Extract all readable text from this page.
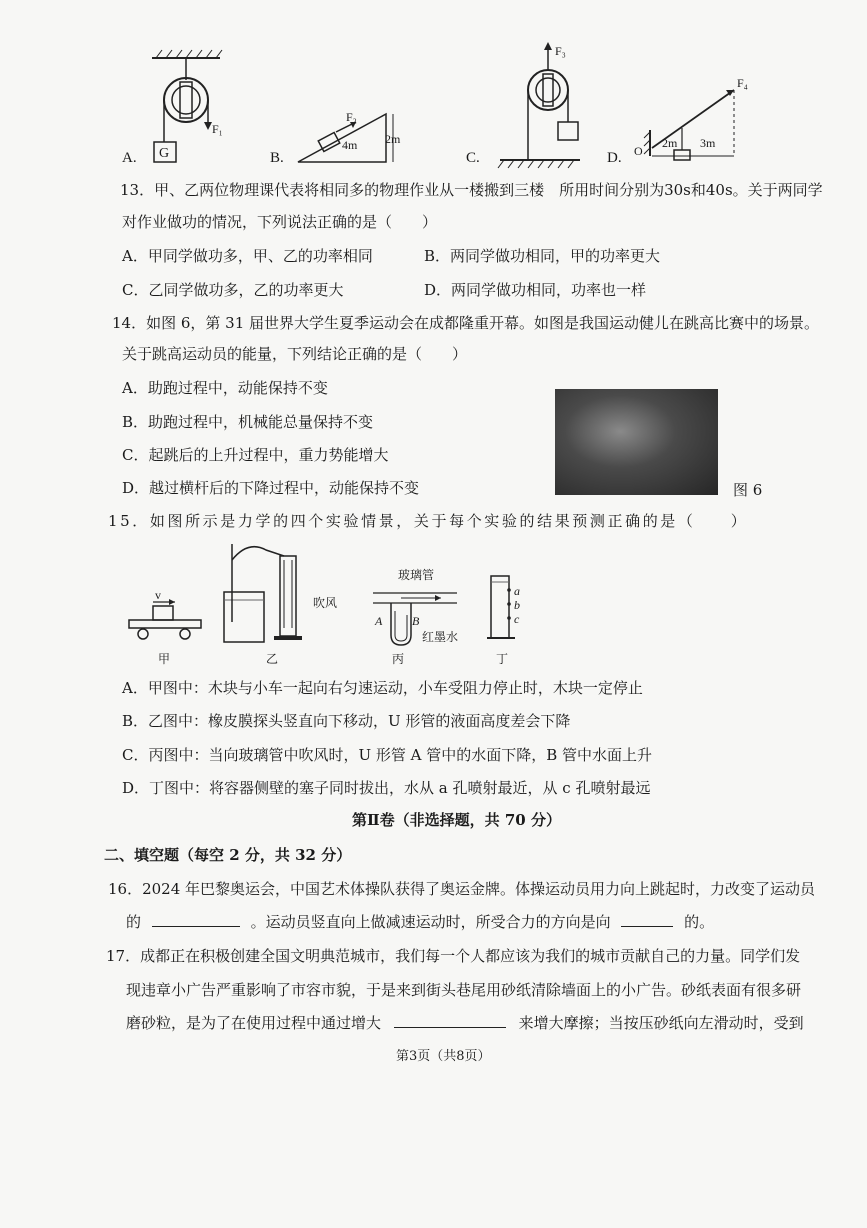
A. G
F₁
B.
F₂
4m 2m
C.
F₃
D.
F₄
O
2m 3m
13．甲、乙两位物理课代表将相同多的物理作业从一楼搬到三楼　所用时间分别为30s和40s。关于两同学
对作业做功的情况，下列说法正确的是（　　）
A．甲同学做功多，甲、乙的功率相同	B．两同学做功相同，甲的功率更大
C．乙同学做功多，乙的功率更大	D．两同学做功相同，功率也一样
14．如图 6，第 31 届世界大学生夏季运动会在成都隆重开幕。如图是我国运动健儿在跳高比赛中的场景。
关于跳高运动员的能量，下列结论正确的是（　　）
A．助跑过程中，动能保持不变
B．助跑过程中，机械能总量保持不变
C．起跳后的上升过程中，重力势能增大
D．越过横杆后的下降过程中，动能保持不变	图 6
15．如图所示是力学的四个实验情景，关于每个实验的结果预测正确的是（　　）
v
甲	乙
吹风
玻璃管
A B
红墨水
丙
a
b
c
丁
A．甲图中：木块与小车一起向右匀速运动，小车受阻力停止时，木块一定停止
B．乙图中：橡皮膜探头竖直向下移动，U 形管的液面高度差会下降
C．丙图中：当向玻璃管中吹风时，U 形管 A 管中的水面下降，B 管中水面上升
D．丁图中：将容器侧壁的塞子同时拔出，水从 a 孔喷射最近，从 c 孔喷射最远
第Ⅱ卷（非选择题，共 70 分）
二、填空题（每空 2 分，共 32 分）
16．2024 年巴黎奥运会，中国艺术体操队获得了奥运金牌。体操运动员用力向上跳起时，力改变了运动员
的	。运动员竖直向上做减速运动时，所受合力的方向是向	的。
17．成都正在积极创建全国文明典范城市，我们每一个人都应该为我们的城市贡献自己的力量。同学们发
现违章小广告严重影响了市容市貌，于是来到街头巷尾用砂纸清除墙面上的小广告。砂纸表面有很多研
磨砂粒，是为了在使用过程中通过增大	来增大摩擦；当按压砂纸向左滑动时，受到
第3页（共8页）
